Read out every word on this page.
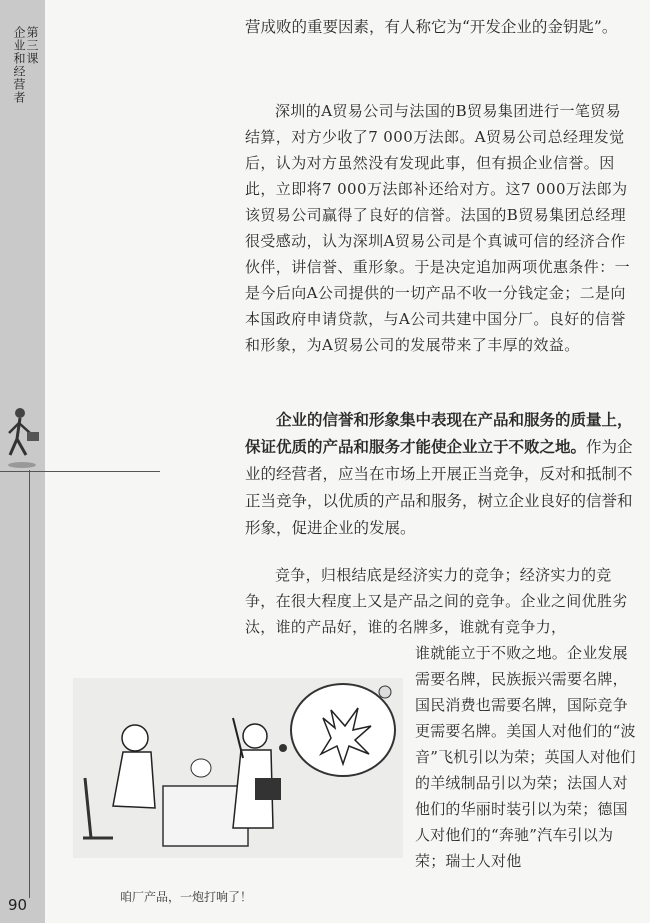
第三课
企业和经营者
90
营成败的重要因素，有人称它为“开发企业的金钥匙”。
深圳的A贸易公司与法国的B贸易集团进行一笔贸易结算，对方少收了7 000万法郎。A贸易公司总经理发觉后，认为对方虽然没有发现此事，但有损企业信誉。因此，立即将7 000万法郎补还给对方。这7 000万法郎为该贸易公司赢得了良好的信誉。法国的B贸易集团总经理很受感动，认为深圳A贸易公司是个真诚可信的经济合作伙伴，讲信誉、重形象。于是决定追加两项优惠条件：一是今后向A公司提供的一切产品不收一分钱定金；二是向本国政府申请贷款，与A公司共建中国分厂。良好的信誉和形象，为A贸易公司的发展带来了丰厚的效益。
企业的信誉和形象集中表现在产品和服务的质量上，保证优质的产品和服务才能使企业立于不败之地。作为企业的经营者，应当在市场上开展正当竞争，反对和抵制不正当竞争，以优质的产品和服务，树立企业良好的信誉和形象，促进企业的发展。
竞争，归根结底是经济实力的竞争；经济实力的竞争，在很大程度上又是产品之间的竞争。企业之间优胜劣汰，谁的产品好，谁的名牌多，谁就有竞争力，
谁就能立于不败之地。企业发展需要名牌，民族振兴需要名牌，国民消费也需要名牌，国际竞争更需要名牌。美国人对他们的“波音”飞机引以为荣；英国人对他们的羊绒制品引以为荣；法国人对他们的华丽时装引以为荣；德国人对他们的“奔驰”汽车引以为荣；瑞士人对他
咱厂产品，一炮打响了！
